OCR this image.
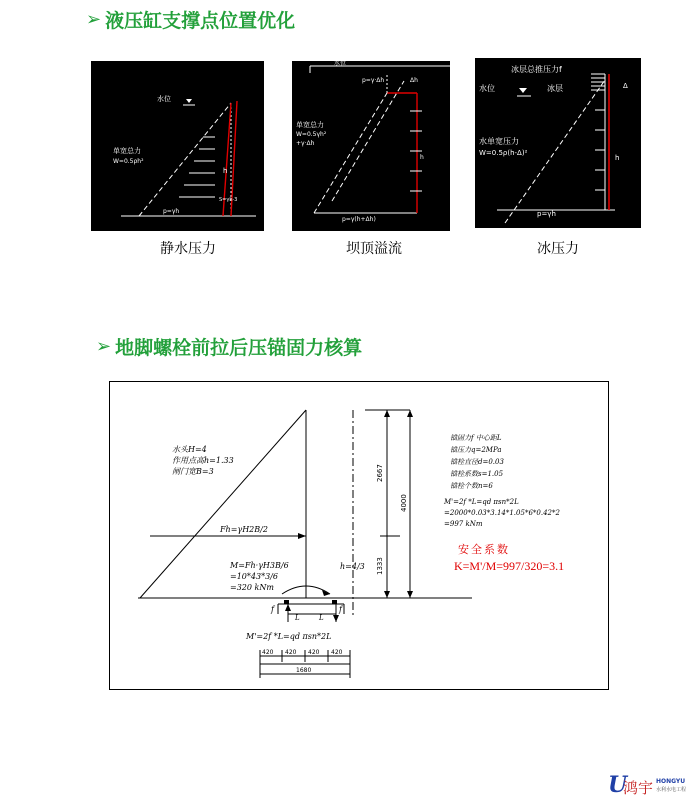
➢ 液压缸支撑点位置优化
水位
单宽总力
W=0.5ρh²
h
p=γh
S=γh·3
静水压力
水位
p=γ·Δh	Δh
单宽总力
W=0.5γh²
+γ·Δh
h
p=γ(h+Δh)
坝顶溢流
冰层总推压力f
水位	冰层	Δ
水单宽压力
W=0.5ρ(h-Δ)²
h
p=γh
冰压力
➢ 地脚螺栓前拉后压锚固力核算
水头H=4
作用点高h=1.33
闸门宽B=3
Fh=γH2B/2
M=Fh·γH3B/6
=10*43*3/6
=320 kNm
h=4/3
2667
1333
4000
锚固力f 中心距L
锚压力q=2MPa
锚栓直径d=0.03
锚栓系数s=1.05
锚栓个数n=6
M'=2f *L=qd πsn*2L
=2000*0.03*3.14*1.05*6*0.42*2
=997 kNm
安全系数
K=M'/M=997/320=3.1
f	f
L	L
M'=2f *L=qd πsn*2L
420 420 420 420
1680
U
鸿宇 HONGYU
水利水电工程
